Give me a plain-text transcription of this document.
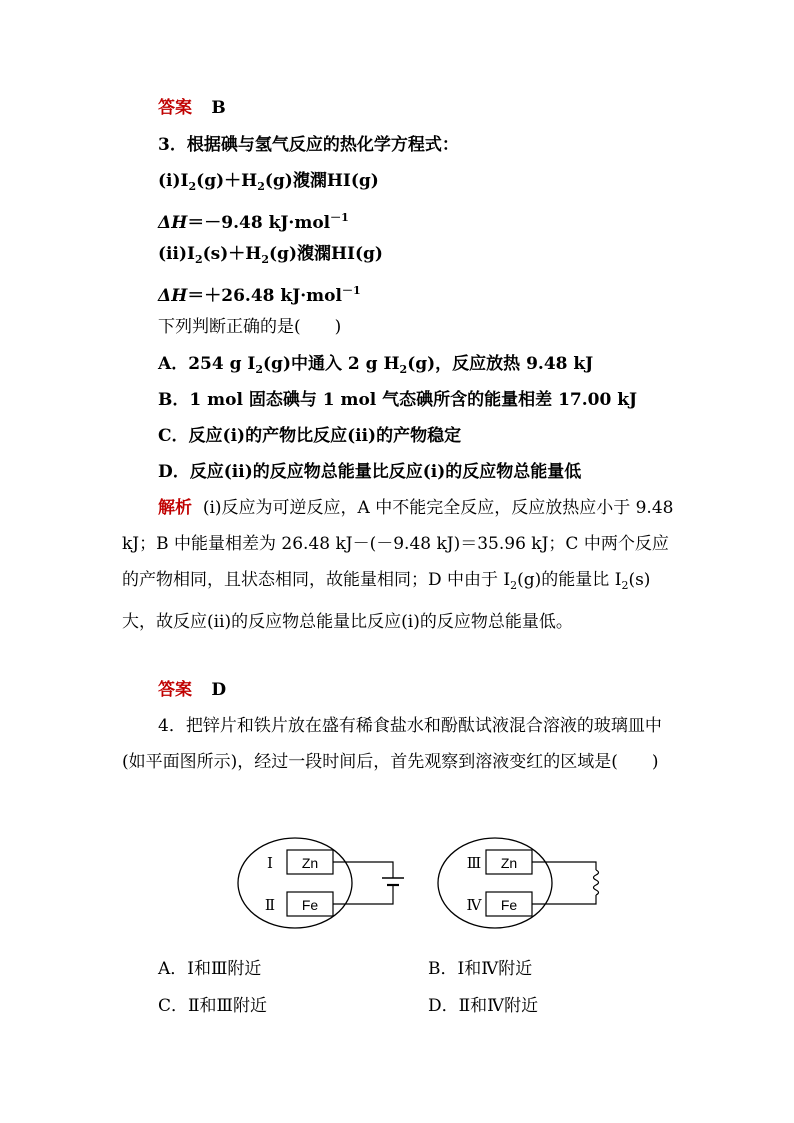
答案 B
3．根据碘与氢气反应的热化学方程式：
$(ⅰ)I_2(g)+H_2(g)$澓澖HI(g)
ΔH＝－9.48 kJ·mol$^{-1}$
$(ⅱ)I_2(s)+H_2(g)$澓澖HI(g)
ΔH＝＋26.48 kJ·mol$^{-1}$
下列判断正确的是(　　)
A．254 g $I_2(g)$中通入 2 g $H_2(g)$，反应放热 9.48 kJ
B．1 mol 固态碘与 1 mol 气态碘所含的能量相差 17.00 kJ
C．反应(ⅰ)的产物比反应(ⅱ)的产物稳定
D．反应(ⅱ)的反应物总能量比反应(ⅰ)的反应物总能量低
解析 (ⅰ)反应为可逆反应，A 中不能完全反应，反应放热应小于 9.48 kJ；B 中能量相差为 26.48 kJ－(－9.48 kJ)＝35.96 kJ；C 中两个反应的产物相同，且状态相同，故能量相同；D 中由于 $I_2(g)$的能量比 $I_2(s)$大，故反应(ⅱ)的反应物总能量比反应(ⅰ)的反应物总能量低。
答案 D
4．把锌片和铁片放在盛有稀食盐水和酚酞试液混合溶液的玻璃皿中(如平面图所示)，经过一段时间后，首先观察到溶液变红的区域是(　　)
Zn
Fe
Ⅰ
Ⅱ
Zn
Fe
Ⅲ
Ⅳ
A．Ⅰ和Ⅲ附近	B．Ⅰ和Ⅳ附近
C．Ⅱ和Ⅲ附近	D．Ⅱ和Ⅳ附近
